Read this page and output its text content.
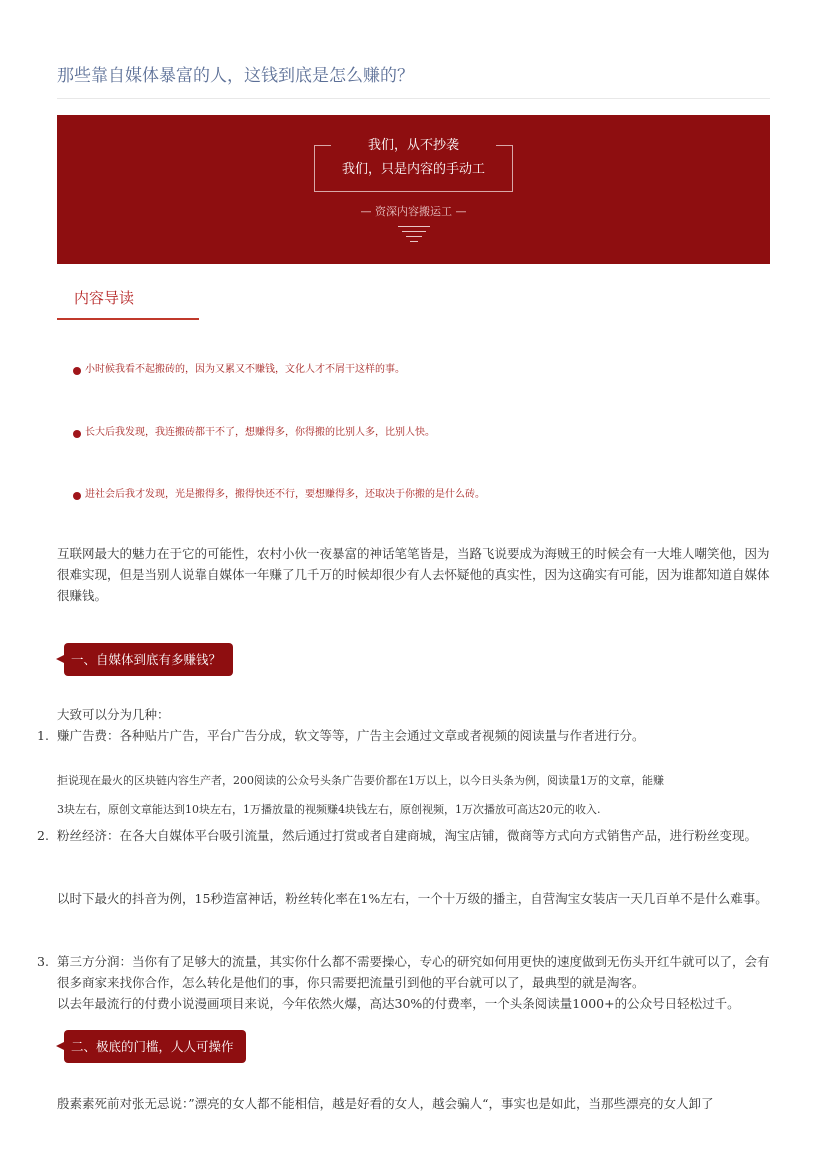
那些靠自媒体暴富的人，这钱到底是怎么赚的？
我们，从不抄袭
我们，只是内容的手动工
— 资深内容搬运工 —
内容导读
小时候我看不起搬砖的，因为又累又不赚钱，文化人才不屑干这样的事。
长大后我发现，我连搬砖都干不了，想赚得多，你得搬的比别人多，比别人快。
进社会后我才发现，光是搬得多，搬得快还不行，要想赚得多，还取决于你搬的是什么砖。
互联网最大的魅力在于它的可能性，农村小伙一夜暴富的神话笔笔皆是，当路飞说要成为海贼王的时候会有一大堆人嘲笑他，因为很难实现，但是当别人说靠自媒体一年赚了几千万的时候却很少有人去怀疑他的真实性，因为这确实有可能，因为谁都知道自媒体很赚钱。
一、自媒体到底有多赚钱？
大致可以分为几种：
1. 赚广告费：各种贴片广告，平台广告分成，软文等等，广告主会通过文章或者视频的阅读量与作者进行分。
拒说现在最火的区块链内容生产者，200阅读的公众号头条广告要价都在1万以上，以今日头条为例，阅读量1万的文章，能赚
3块左右，原创文章能达到10块左右，1万播放量的视频赚4块钱左右，原创视频，1万次播放可高达20元的收入.
2. 粉丝经济：在各大自媒体平台吸引流量，然后通过打赏或者自建商城，淘宝店铺，微商等方式向方式销售产品，进行粉丝变现。
以时下最火的抖音为例，15秒造富神话，粉丝转化率在1%左右，一个十万级的播主，自营淘宝女装店一天几百单不是什么难事。
3. 第三方分润：当你有了足够大的流量，其实你什么都不需要操心，专心的研究如何用更快的速度做到无伤头开红牛就可以了，会有很多商家来找你合作，怎么转化是他们的事，你只需要把流量引到他的平台就可以了，最典型的就是淘客。
以去年最流行的付费小说漫画项目来说，今年依然火爆，高达30%的付费率，一个头条阅读量1000+的公众号日轻松过千。
二、极底的门槛，人人可操作
殷素素死前对张无忌说：”漂亮的女人都不能相信，越是好看的女人，越会骗人“，事实也是如此，当那些漂亮的女人卸了
